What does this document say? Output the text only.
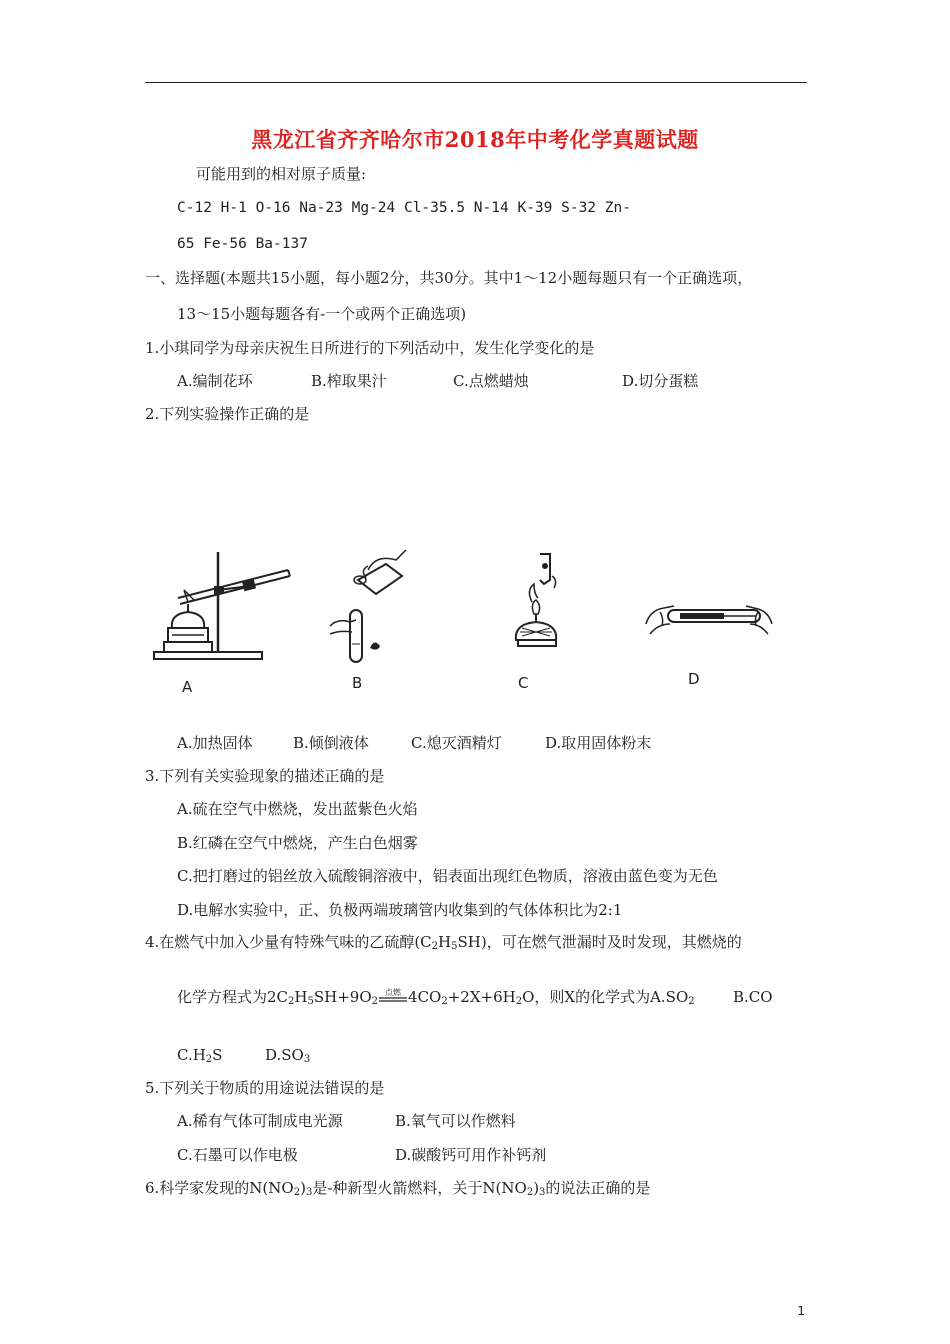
黑龙江省齐齐哈尔市2018年中考化学真题试题
可能用到的相对原子质量:
C-12 H-1 O-16 Na-23 Mg-24 Cl-35.5 N-14 K-39 S-32 Zn-
65 Fe-56 Ba-137
一、选择题(本题共15小题，每小题2分，共30分。其中1～12小题每题只有一个正确选项，
13～15小题每题各有-一个或两个正确选项)
1.小琪同学为母亲庆祝生日所进行的下列活动中，发生化学变化的是
A.编制花环	B.榨取果汁	C.点燃蜡烛	D.切分蛋糕
2.下列实验操作正确的是
A	B	C	D
A.加热固体	B.倾倒液体	C.熄灭酒精灯	D.取用固体粉末
3.下列有关实验现象的描述正确的是
A.硫在空气中燃烧，发出蓝紫色火焰
B.红磷在空气中燃烧，产生白色烟雾
C.把打磨过的铝丝放入硫酸铜溶液中，铝表面出现红色物质，溶液由蓝色变为无色
D.电解水实验中，正、负极两端玻璃管内收集到的气体体积比为2:1
4.在燃气中加入少量有特殊气味的乙硫醇$(C_2H_5SH)$，可在燃气泄漏时及时发现，其燃烧的
化学方程式为$2C_2H_5SH+9O_2$
点燃 $4CO_2+2X+6H_2O$，则X的化学式为$A.SO_2$	B.CO
$C.H_2S$	$D.SO_3$
5.下列关于物质的用途说法错误的是
A.稀有气体可制成电光源	B.氧气可以作燃料
C.石墨可以作电极	D.碳酸钙可用作补钙剂
6.科学家发现的$N(NO_2)_3$是-种新型火箭燃料，关于$N(NO_2)_3$的说法正确的是
1
